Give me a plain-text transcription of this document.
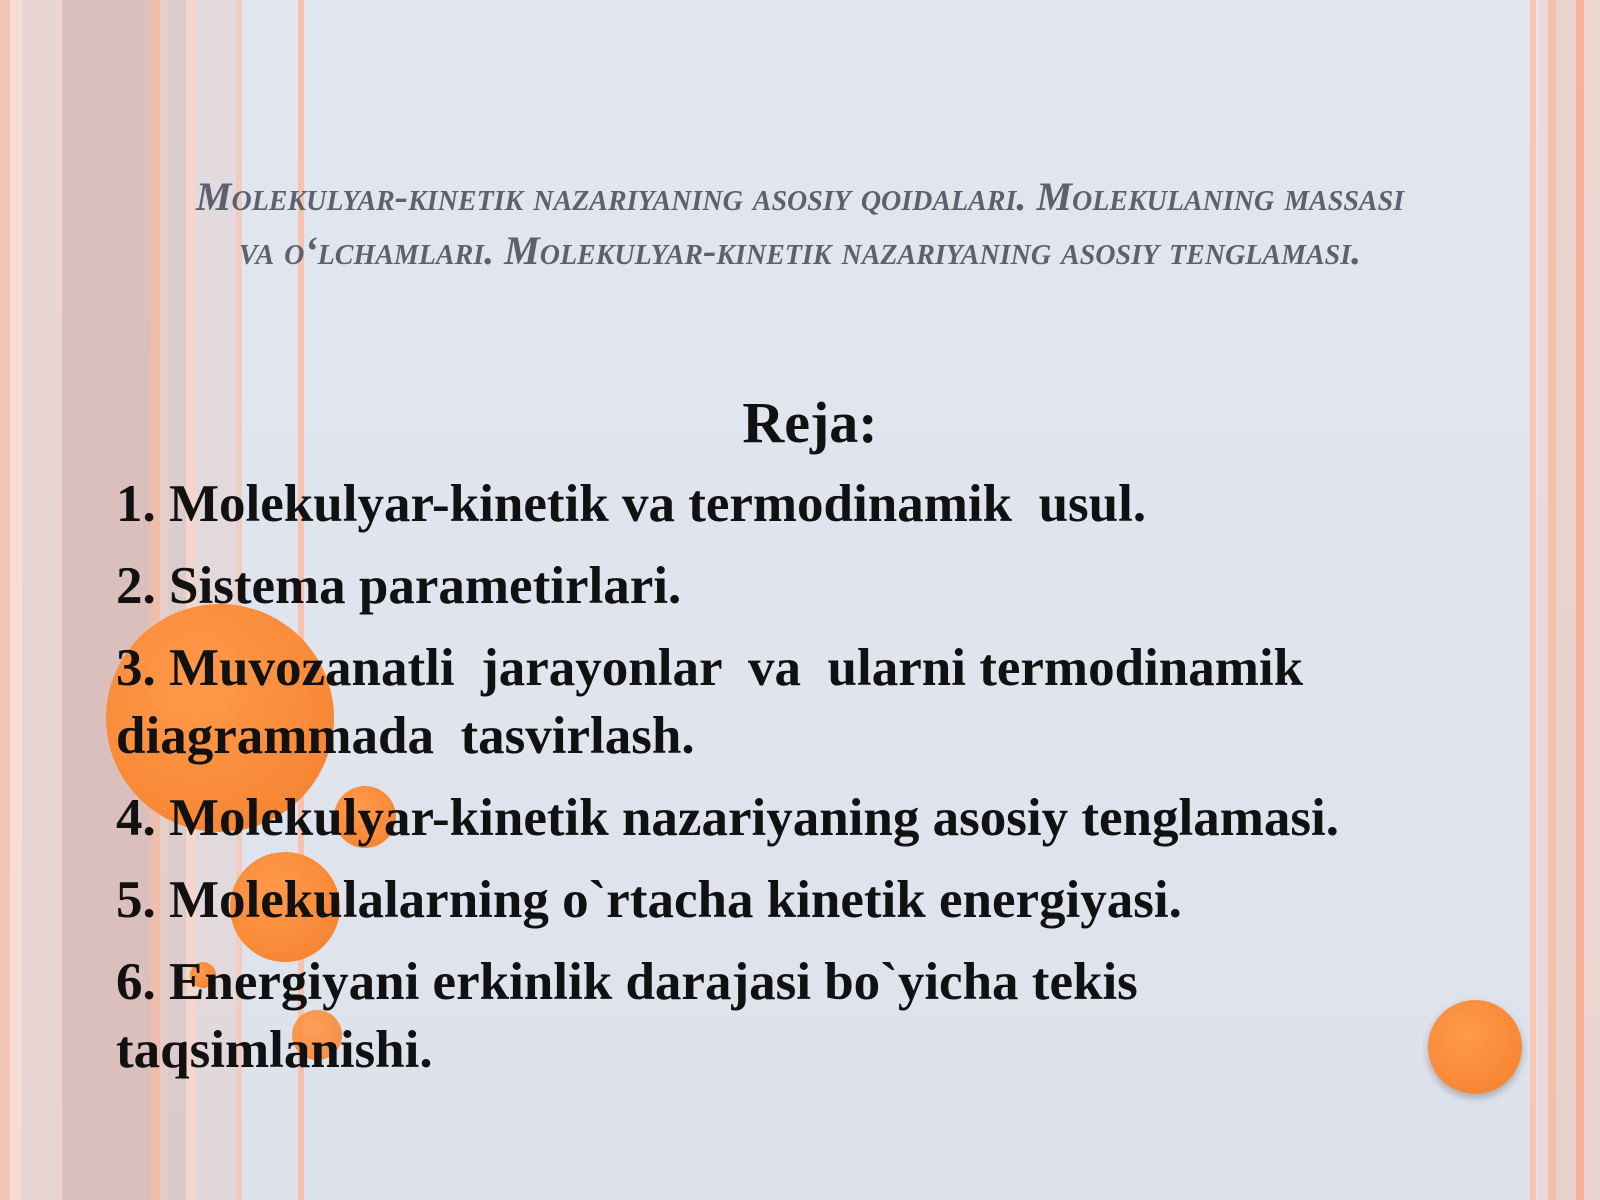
Molekulyar-kinetik nazariyaning asosiy qoidalari. Molekulaning massasi va o‘lchamlari. Molekulyar-kinetik nazariyaning asosiy tenglamasi.
Reja:
1. Molekulyar-kinetik va termodinamik  usul.
2. Sistema parametirlari.
3. Muvozanatli  jarayonlar  va  ularni termodinamik diagrammada  tasvirlash.
4. Molekulyar-kinetik nazariyaning asosiy tenglamasi.
5. Molekulalarning o`rtacha kinetik energiyasi.
6. Energiyani erkinlik darajasi bo`yicha tekis taqsimlanishi.
